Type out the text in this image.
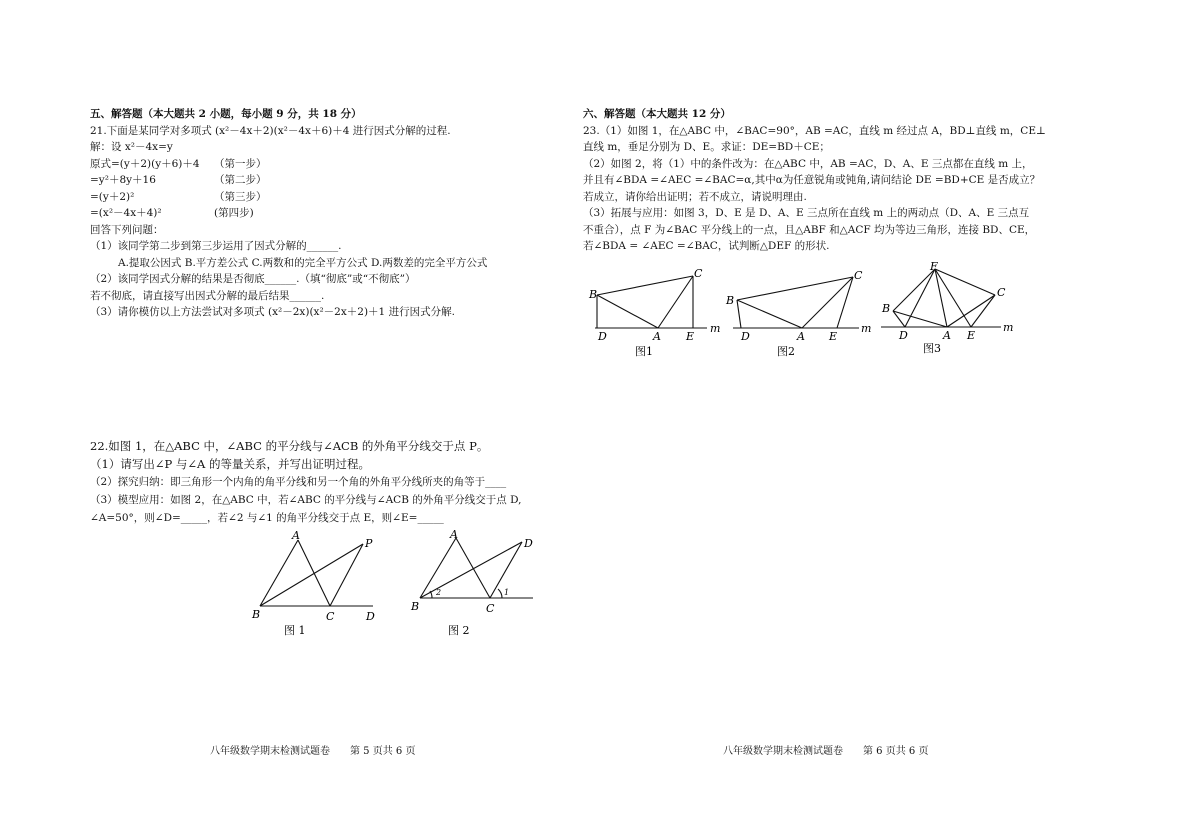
五、解答题（本大题共 2 小题，每小题 9 分，共 18 分）

21.下面是某同学对多项式 (x²－4x＋2)(x²－4x＋6)＋4 进行因式分解的过程.

解：设 x²－4x=y

原式=(y＋2)(y＋6)＋4 （第一步）

=y²＋8y＋16	（第二步）

=(y＋2)²	（第三步）

=(x²－4x＋4)²	(第四步)

回答下列问题：

（1）该同学第二步到第三步运用了因式分解的______.

A.提取公因式 B.平方差公式 C.两数和的完全平方公式 D.两数差的完全平方公式

（2）该同学因式分解的结果是否彻底______.（填“彻底”或“不彻底”）

若不彻底，请直接写出因式分解的最后结果______.

（3）请你模仿以上方法尝试对多项式 (x²－2x)(x²－2x＋2)＋1 进行因式分解.

22.如图 1，在△ABC 中，∠ABC 的平分线与∠ACB 的外角平分线交于点 P。

（1）请写出∠P 与∠A 的等量关系，并写出证明过程。

（2）探究归纳：即三角形一个内角的角平分线和另一个角的外角平分线所夹的角等于____

（3）模型应用：如图 2，在△ABC 中，若∠ABC 的平分线与∠ACB 的外角平分线交于点 D,

∠A=50°，则∠D=_____，若∠2 与∠1 的角平分线交于点 E，则∠E=_____

A
P
B	C	D
图 1
A
D
B	C
2	1
图 2

六、解答题（本大题共 12 分）

23.（1）如图 1，在△ABC 中，∠BAC=90°，AB =AC，直线 m 经过点 A，BD⊥直线 m，CE⊥

直线 m，垂足分别为 D、E。求证：DE=BD＋CE；

（2）如图 2，将（1）中的条件改为：在△ABC 中，AB =AC，D、A、E 三点都在直线 m 上，

并且有∠BDA =∠AEC =∠BAC=α,其中α为任意锐角或钝角,请问结论 DE =BD+CE 是否成立？

若成立，请你给出证明；若不成立，请说明理由.

（3）拓展与应用：如图 3，D、E 是 D、A、E 三点所在直线 m 上的两动点（D、A、E 三点互

不重合），点 F 为∠BAC 平分线上的一点，且△ABF 和△ACF 均为等边三角形，连接 BD、CE，

若∠BDA = ∠AEC =∠BAC，试判断△DEF 的形状.

B
C
D	A E
m
图1
B
C
D	A E
m
图2
F
B
C
D	A E
m
图3
八年级数学期末检测试题卷　　第 5 页共 6 页	八年级数学期末检测试题卷　　第 6 页共 6 页
